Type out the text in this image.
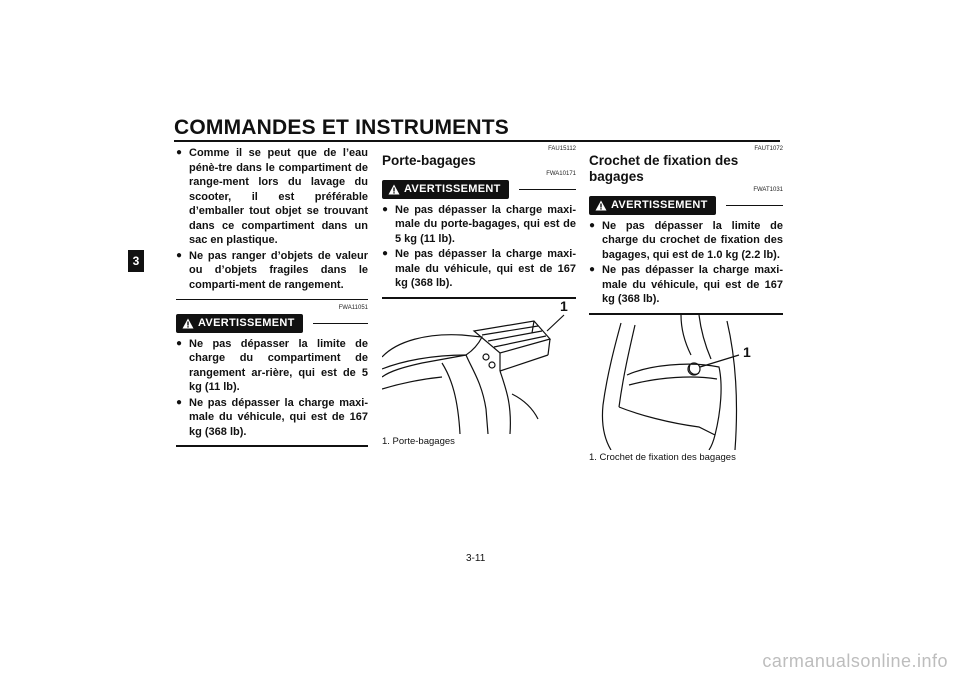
COMMANDES ET INSTRUMENTS
3
● Comme il se peut que de l’eau pénè-tre dans le compartiment de range-ment lors du lavage du scooter, il est préférable d’emballer tout objet se trouvant dans ce compartiment dans un sac en plastique.
● Ne pas ranger d’objets de valeur ou d’objets fragiles dans le comparti-ment de rangement.
FWA11051
AVERTISSEMENT
● Ne pas dépasser la limite de charge du compartiment de rangement ar-rière, qui est de 5 kg (11 lb).
● Ne pas dépasser la charge maxi-male du véhicule, qui est de 167 kg (368 lb).
FAU15112
Porte-bagages
FWA10171
AVERTISSEMENT
● Ne pas dépasser la charge maxi-male du porte-bagages, qui est de 5 kg (11 lb).
● Ne pas dépasser la charge maxi-male du véhicule, qui est de 167 kg (368 lb).
1
1. Porte-bagages
FAUT1072
Crochet de fixation des bagages
FWAT1031
AVERTISSEMENT
● Ne pas dépasser la limite de charge du crochet de fixation des bagages, qui est de 1.0 kg (2.2 lb).
● Ne pas dépasser la charge maxi-male du véhicule, qui est de 167 kg (368 lb).
1
1. Crochet de fixation des bagages
3-11
carmanualsonline.info
